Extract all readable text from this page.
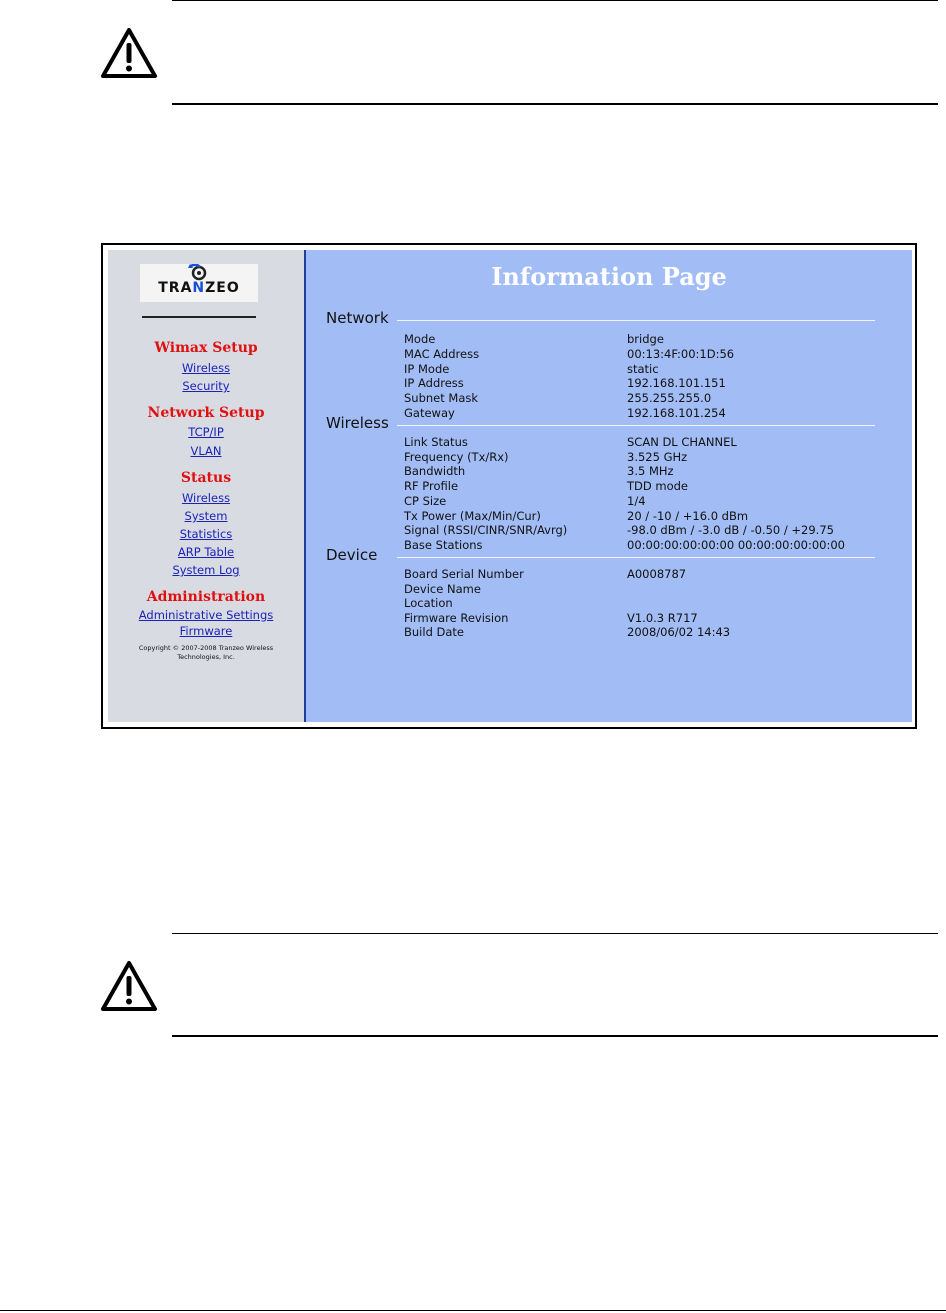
TRANZEO
Wimax Setup
Wireless
Security
Network Setup
TCP/IP
VLAN
Status
Wireless
System
Statistics
ARP Table
System Log
Administration
Administrative Settings
Firmware
Copyright © 2007-2008 Tranzeo Wireless
Technologies, Inc.
Information Page
Network
Mode	bridge
MAC Address	00:13:4F:00:1D:56
IP Mode	static
IP Address	192.168.101.151
Subnet Mask	255.255.255.0
Gateway	192.168.101.254
Wireless
Link Status	SCAN DL CHANNEL
Frequency (Tx/Rx)	3.525 GHz
Bandwidth	3.5 MHz
RF Profile	TDD mode
CP Size	1/4
Tx Power (Max/Min/Cur)	20 / -10 / +16.0 dBm
Signal (RSSI/CINR/SNR/Avrg)	-98.0 dBm / -3.0 dB / -0.50 / +29.75
Base Stations	00:00:00:00:00:00 00:00:00:00:00:00
Device
Board Serial Number	A0008787
Device Name
Location
Firmware Revision	V1.0.3 R717
Build Date	2008/06/02 14:43
